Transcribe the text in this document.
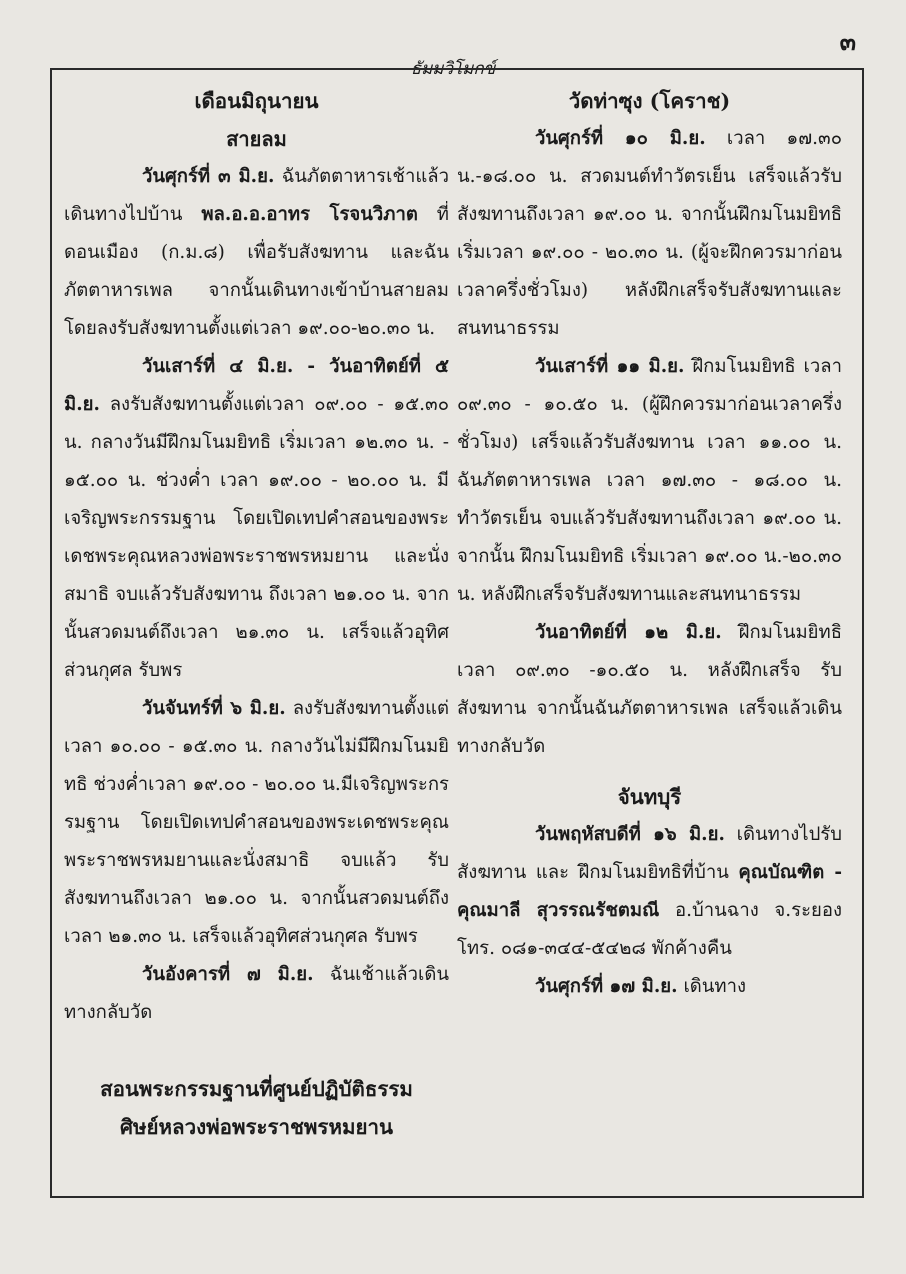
๓
ธัมมวิโมกข์

เดือนมิถุนายน

สายลม

วันศุกร์ที่ ๓ มิ.ย. ฉันภัตตาหารเช้าแล้วเดินทางไปบ้าน พล.อ.อ.อาทร โรจนวิภาต ที่ดอนเมือง (ก.ม.๘) เพื่อรับสังฆทาน และฉันภัตตาหารเพล จากนั้นเดินทางเข้าบ้านสายลม โดยลงรับสังฆทานตั้งแต่เวลา ๑๙.๐๐-๒๐.๓๐ น.

วันเสาร์ที่ ๔ มิ.ย. - วันอาทิตย์ที่ ๕ มิ.ย. ลงรับสังฆทานตั้งแต่เวลา ๐๙.๐๐ - ๑๕.๓๐ น. กลางวันมีฝึกมโนมยิทธิ เริ่มเวลา ๑๒.๓๐ น. - ๑๕.๐๐ น. ช่วงค่ำ เวลา ๑๙.๐๐ - ๒๐.๐๐ น. มีเจริญพระกรรมฐาน โดยเปิดเทปคำสอนของพระเดชพระคุณหลวงพ่อพระราชพรหมยาน และนั่งสมาธิ จบแล้วรับสังฆทาน ถึงเวลา ๒๑.๐๐ น. จากนั้นสวดมนต์ถึงเวลา ๒๑.๓๐ น. เสร็จแล้วอุทิศส่วนกุศล รับพร

วันจันทร์ที่ ๖ มิ.ย. ลงรับสังฆทานตั้งแต่เวลา ๑๐.๐๐ - ๑๕.๓๐ น. กลางวันไม่มีฝึกมโนมยิทธิ ช่วงค่ำเวลา ๑๙.๐๐ - ๒๐.๐๐ น.มีเจริญพระกรรมฐาน โดยเปิดเทปคำสอนของพระเดชพระคุณ พระราชพรหมยานและนั่งสมาธิ จบแล้ว รับสังฆทานถึงเวลา ๒๑.๐๐ น. จากนั้นสวดมนต์ถึงเวลา ๒๑.๓๐ น. เสร็จแล้วอุทิศส่วนกุศล รับพร

วันอังคารที่ ๗ มิ.ย. ฉันเช้าแล้วเดินทางกลับวัด

สอนพระกรรมฐานที่ศูนย์ปฏิบัติธรรม

ศิษย์หลวงพ่อพระราชพรหมยาน

วัดท่าซุง (โคราช)

วันศุกร์ที่ ๑๐ มิ.ย. เวลา ๑๗.๓๐ น.-๑๘.๐๐ น. สวดมนต์ทำวัตรเย็น เสร็จแล้วรับสังฆทานถึงเวลา ๑๙.๐๐ น. จากนั้นฝึกมโนมยิทธิ เริ่มเวลา ๑๙.๐๐ - ๒๐.๓๐ น. (ผู้จะฝึกควรมาก่อนเวลาครึ่งชั่วโมง) หลังฝึกเสร็จรับสังฆทานและสนทนาธรรม

วันเสาร์ที่ ๑๑ มิ.ย. ฝึกมโนมยิทธิ เวลา ๐๙.๓๐ - ๑๐.๕๐ น. (ผู้ฝึกควรมาก่อนเวลาครึ่งชั่วโมง) เสร็จแล้วรับสังฆทาน เวลา ๑๑.๐๐ น. ฉันภัตตาหารเพล เวลา ๑๗.๓๐ - ๑๘.๐๐ น. ทำวัตรเย็น จบแล้วรับสังฆทานถึงเวลา ๑๙.๐๐ น. จากนั้น ฝึกมโนมยิทธิ เริ่มเวลา ๑๙.๐๐ น.-๒๐.๓๐ น. หลังฝึกเสร็จรับสังฆทานและสนทนาธรรม

วันอาทิตย์ที่ ๑๒ มิ.ย. ฝึกมโนมยิทธิ เวลา ๐๙.๓๐ -๑๐.๕๐ น. หลังฝึกเสร็จ รับสังฆทาน จากนั้นฉันภัตตาหารเพล เสร็จแล้วเดินทางกลับวัด

จันทบุรี

วันพฤหัสบดีที่ ๑๖ มิ.ย. เดินทางไปรับสังฆทาน และ ฝึกมโนมยิทธิที่บ้าน คุณบัณฑิต - คุณมาลี สุวรรณรัชตมณี อ.บ้านฉาง จ.ระยอง โทร. ๐๘๑-๓๔๔-๕๔๒๘ พักค้างคืน

วันศุกร์ที่ ๑๗ มิ.ย. เดินทาง
